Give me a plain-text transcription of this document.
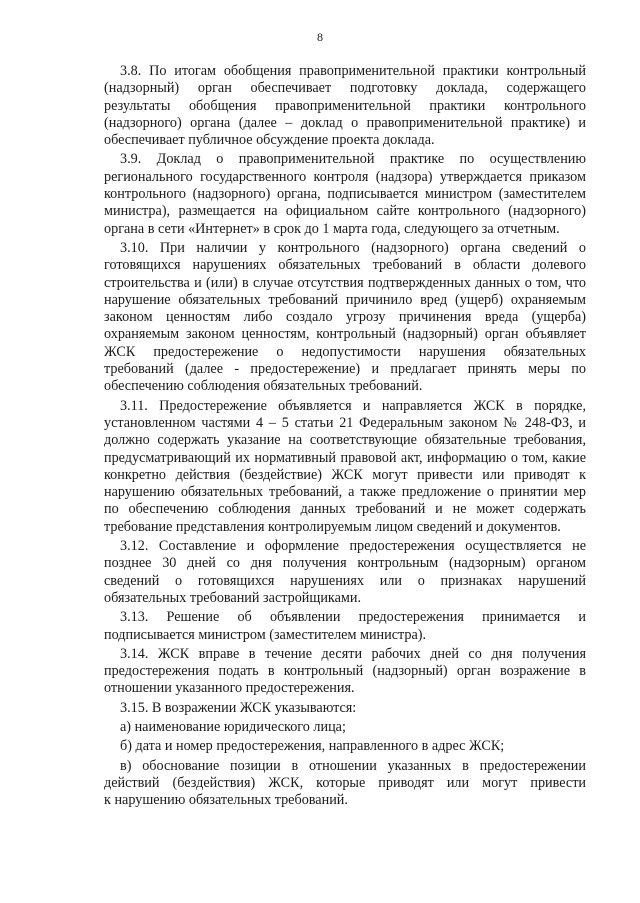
8
3.8. По итогам обобщения правоприменительной практики контрольный
(надзорный) орган обеспечивает подготовку доклада, содержащего
результаты обобщения правоприменительной практики контрольного
(надзорного) органа (далее – доклад о правоприменительной практике) и
обеспечивает публичное обсуждение проекта доклада.
3.9. Доклад о правоприменительной практике по осуществлению
регионального государственного контроля (надзора) утверждается приказом
контрольного (надзорного) органа, подписывается министром (заместителем
министра), размещается на официальном сайте контрольного (надзорного)
органа в сети «Интернет» в срок до 1 марта года, следующего за отчетным.
3.10. При наличии у контрольного (надзорного) органа сведений о
готовящихся нарушениях обязательных требований в области долевого
строительства и (или) в случае отсутствия подтвержденных данных о том, что
нарушение обязательных требований причинило вред (ущерб) охраняемым
законом ценностям либо создало угрозу причинения вреда (ущерба)
охраняемым законом ценностям, контрольный (надзорный) орган объявляет
ЖСК предостережение о недопустимости нарушения обязательных
требований (далее - предостережение) и предлагает принять меры по
обеспечению соблюдения обязательных требований.
3.11. Предостережение объявляется и направляется ЖСК в порядке,
установленном частями 4 – 5 статьи 21 Федеральным законом № 248-ФЗ, и
должно содержать указание на соответствующие обязательные требования,
предусматривающий их нормативный правовой акт, информацию о том, какие
конкретно действия (бездействие) ЖСК могут привести или приводят к
нарушению обязательных требований, а также предложение о принятии мер
по обеспечению соблюдения данных требований и не может содержать
требование представления контролируемым лицом сведений и документов.
3.12. Составление и оформление предостережения осуществляется не
позднее 30 дней со дня получения контрольным (надзорным) органом
сведений о готовящихся нарушениях или о признаках нарушений
обязательных требований застройщиками.
3.13. Решение об объявлении предостережения принимается и
подписывается министром (заместителем министра).
3.14. ЖСК вправе в течение десяти рабочих дней со дня получения
предостережения подать в контрольный (надзорный) орган возражение в
отношении указанного предостережения.
3.15. В возражении ЖСК указываются:
а) наименование юридического лица;
б) дата и номер предостережения, направленного в адрес ЖСК;
в) обоснование позиции в отношении указанных в предостережении
действий (бездействия) ЖСК, которые приводят или могут привести
к нарушению обязательных требований.
